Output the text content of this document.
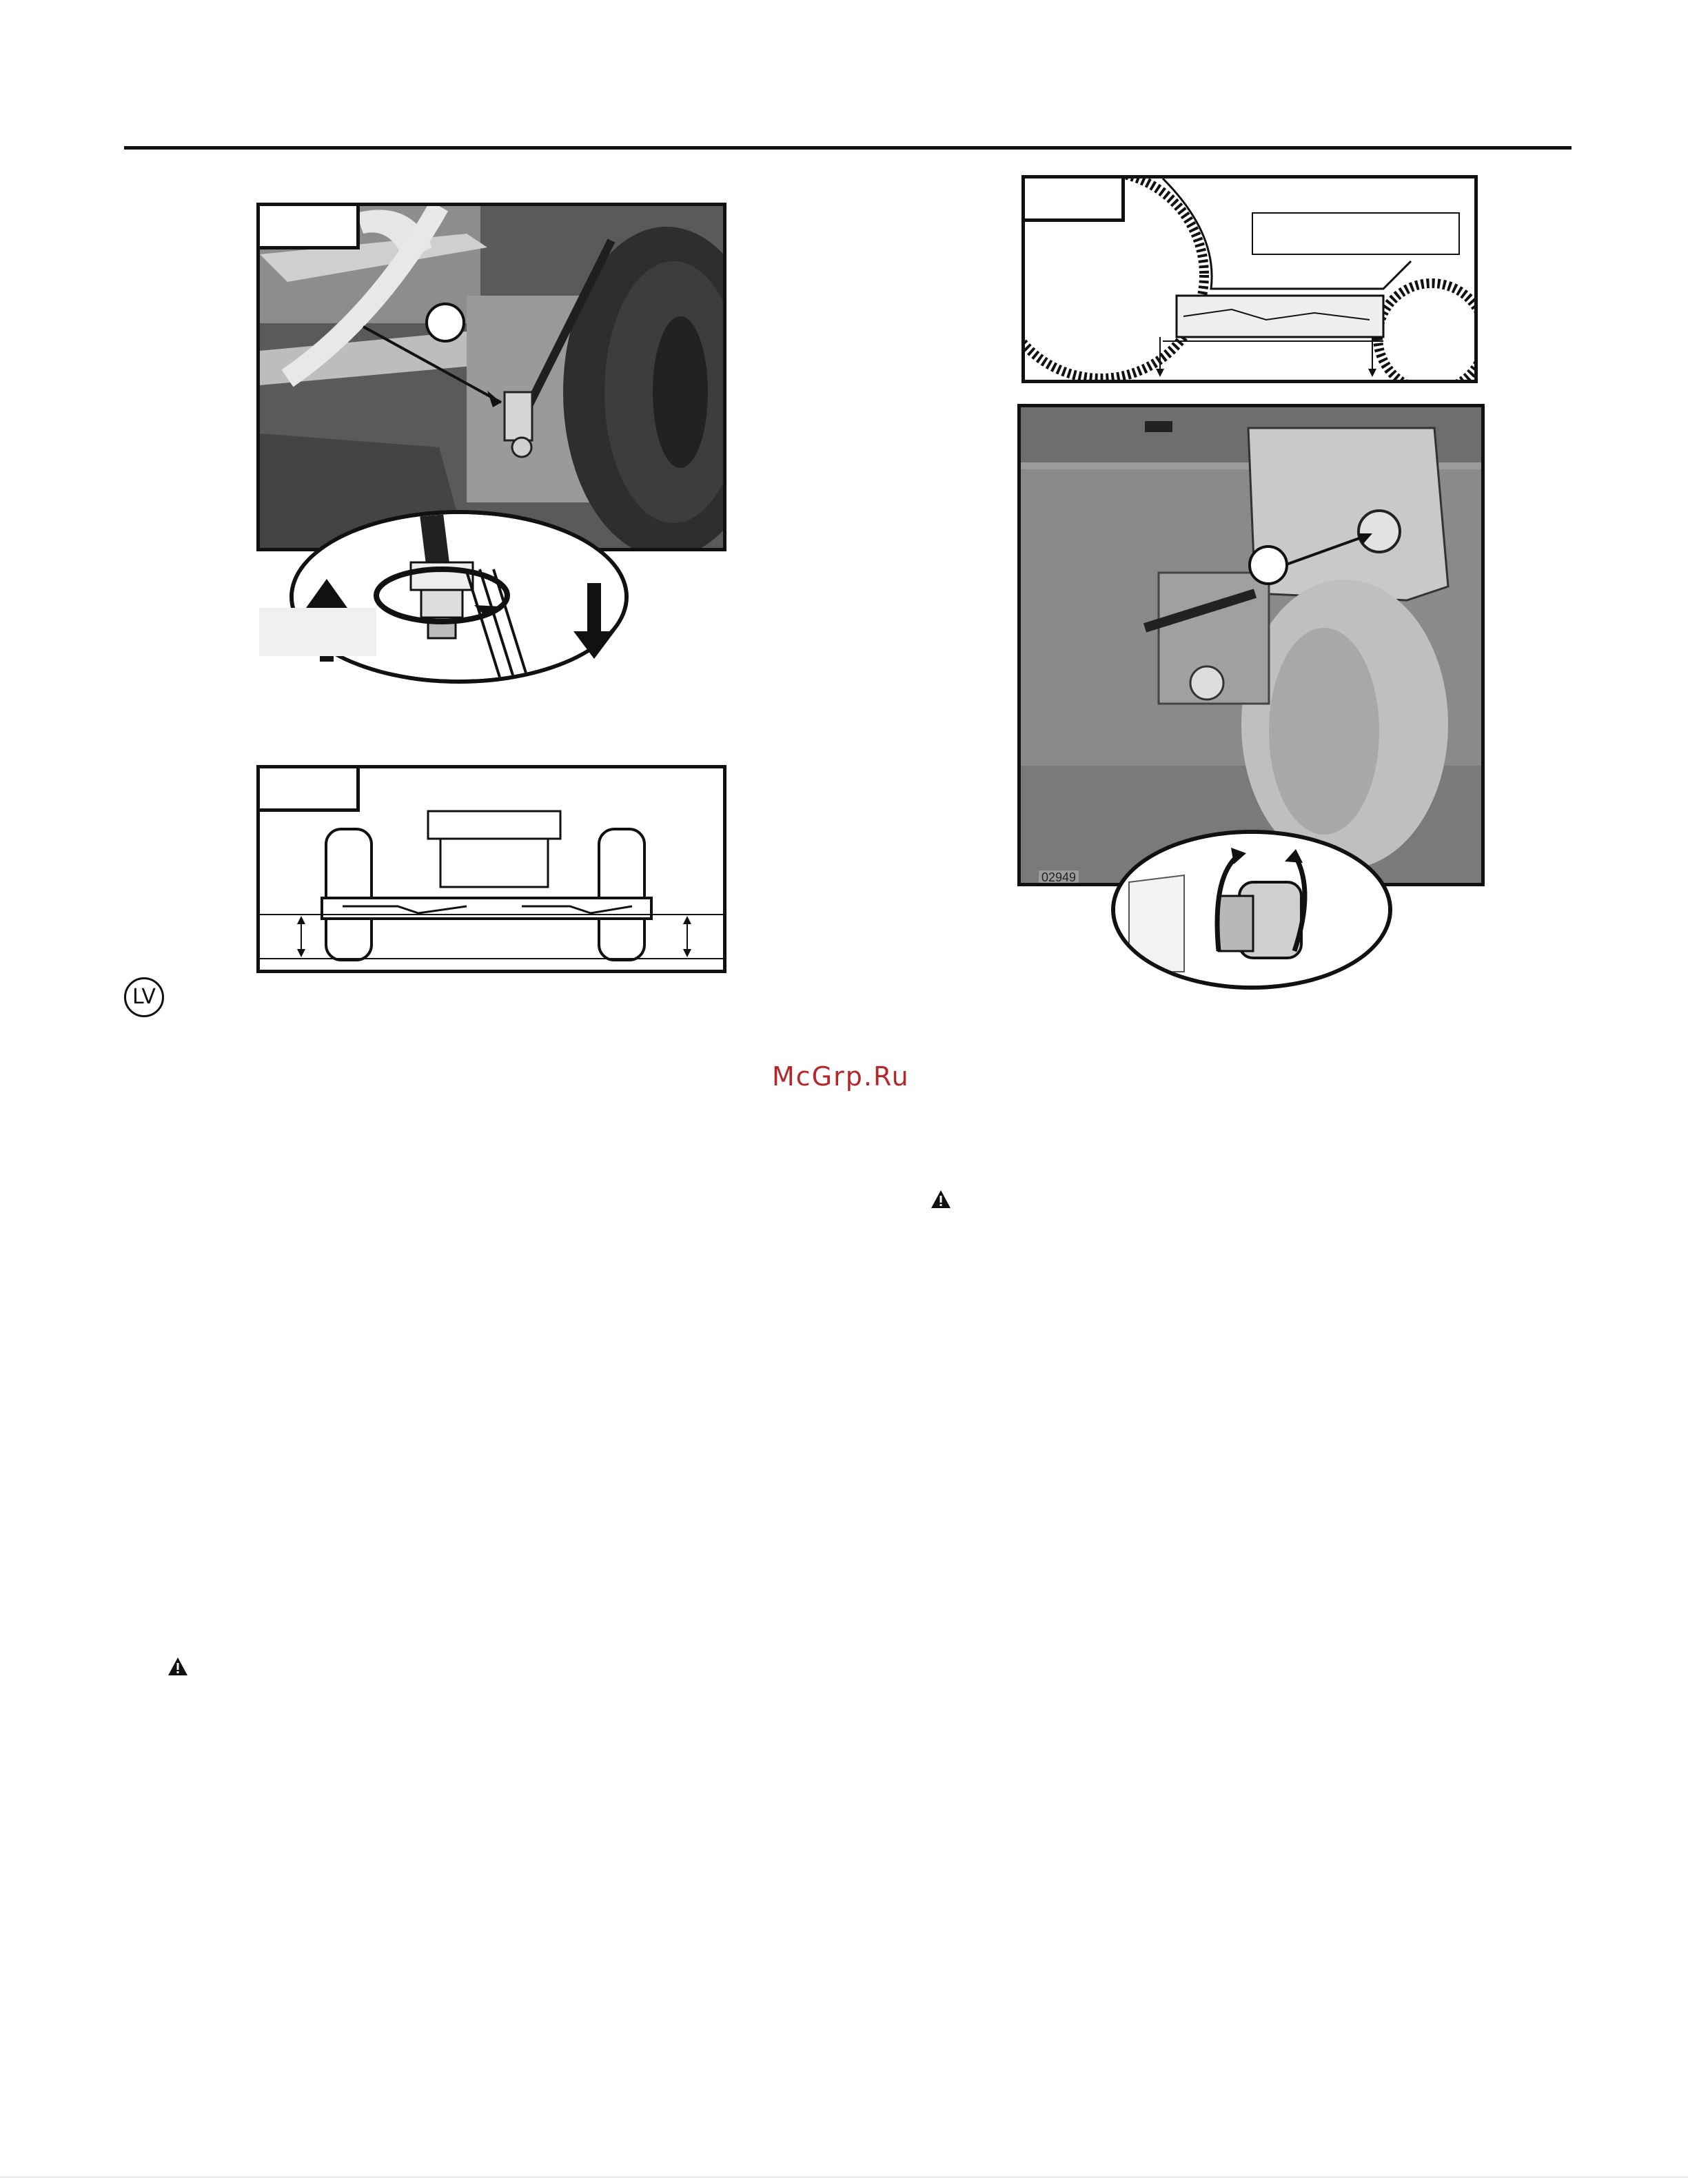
LV
02949
McGrp.Ru
